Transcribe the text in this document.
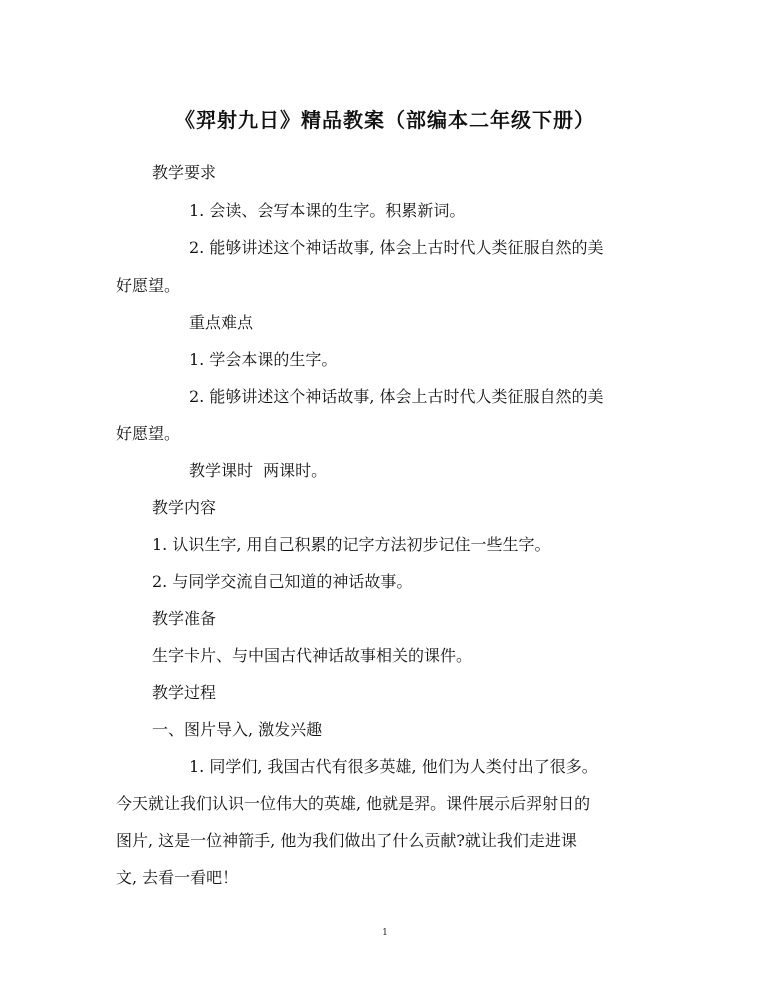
《羿射九日》精品教案（部编本二年级下册）
教学要求
1. 会读、会写本课的生字。积累新词。
2. 能够讲述这个神话故事, 体会上古时代人类征服自然的美
好愿望。
重点难点
1. 学会本课的生字。
2. 能够讲述这个神话故事, 体会上古时代人类征服自然的美
好愿望。
教学课时  两课时。
教学内容
1. 认识生字, 用自己积累的记字方法初步记住一些生字。
2. 与同学交流自己知道的神话故事。
教学准备
生字卡片、与中国古代神话故事相关的课件。
教学过程
一、图片导入, 激发兴趣
1. 同学们, 我国古代有很多英雄, 他们为人类付出了很多。
今天就让我们认识一位伟大的英雄, 他就是羿。课件展示后羿射日的
图片, 这是一位神箭手, 他为我们做出了什么贡献?就让我们走进课
文, 去看一看吧！
1
